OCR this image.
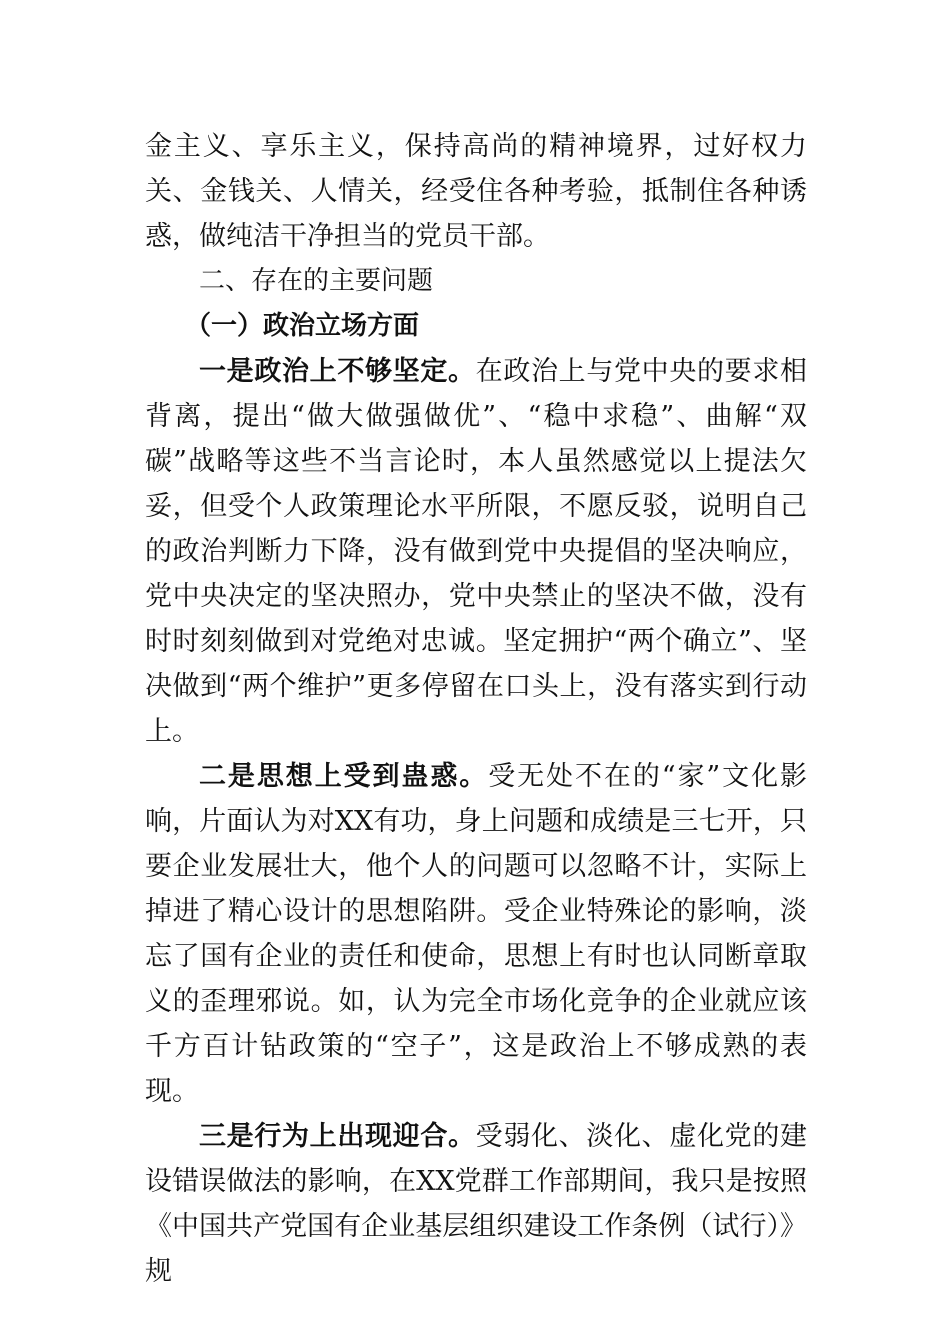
金主义、享乐主义，保持高尚的精神境界，过好权力关、金钱关、人情关，经受住各种考验，抵制住各种诱惑，做纯洁干净担当的党员干部。

二、存在的主要问题

（一）政治立场方面

一是政治上不够坚定。在政治上与党中央的要求相背离，提出“做大做强做优”、“稳中求稳”、曲解“双碳”战略等这些不当言论时，本人虽然感觉以上提法欠妥，但受个人政策理论水平所限，不愿反驳，说明自己的政治判断力下降，没有做到党中央提倡的坚决响应，党中央决定的坚决照办，党中央禁止的坚决不做，没有时时刻刻做到对党绝对忠诚。坚定拥护“两个确立”、坚决做到“两个维护”更多停留在口头上，没有落实到行动上。

二是思想上受到蛊惑。受无处不在的“家”文化影响，片面认为对XX有功，身上问题和成绩是三七开，只要企业发展壮大，他个人的问题可以忽略不计，实际上掉进了精心设计的思想陷阱。受企业特殊论的影响，淡忘了国有企业的责任和使命，思想上有时也认同断章取义的歪理邪说。如，认为完全市场化竞争的企业就应该千方百计钻政策的“空子”，这是政治上不够成熟的表现。

三是行为上出现迎合。受弱化、淡化、虚化党的建设错误做法的影响，在XX党群工作部期间，我只是按照《中国共产党国有企业基层组织建设工作条例（试行）》规
